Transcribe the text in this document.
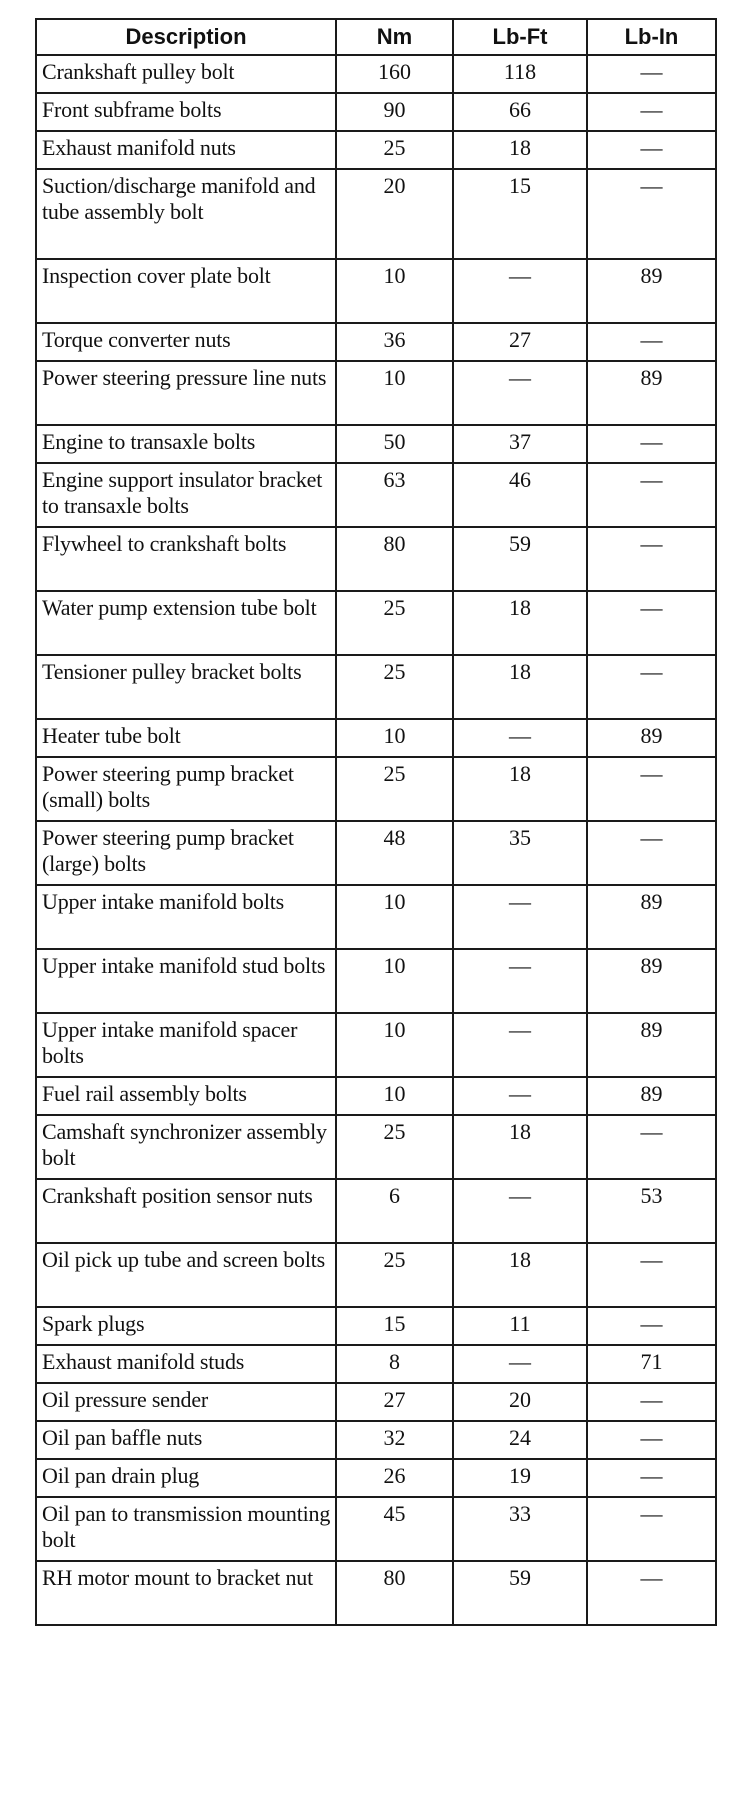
Description	Nm	Lb-Ft	Lb-In
Crankshaft pulley bolt	160	118	—
Front subframe bolts	90	66	—
Exhaust manifold nuts	25	18	—
Suction/discharge manifold and tube assembly bolt	20	15	—
Inspection cover plate bolt	10	—	89
Torque converter nuts	36	27	—
Power steering pressure line nuts	10	—	89
Engine to transaxle bolts	50	37	—
Engine support insulator bracket to transaxle bolts	63	46	—
Flywheel to crankshaft bolts	80	59	—
Water pump extension tube bolt	25	18	—
Tensioner pulley bracket bolts	25	18	—
Heater tube bolt	10	—	89
Power steering pump bracket (small) bolts	25	18	—
Power steering pump bracket (large) bolts	48	35	—
Upper intake manifold bolts	10	—	89
Upper intake manifold stud bolts	10	—	89
Upper intake manifold spacer bolts	10	—	89
Fuel rail assembly bolts	10	—	89
Camshaft synchronizer assembly bolt	25	18	—
Crankshaft position sensor nuts	6	—	53
Oil pick up tube and screen bolts	25	18	—
Spark plugs	15	11	—
Exhaust manifold studs	8	—	71
Oil pressure sender	27	20	—
Oil pan baffle nuts	32	24	—
Oil pan drain plug	26	19	—
Oil pan to transmission mounting bolt	45	33	—
RH motor mount to bracket nut	80	59	—
